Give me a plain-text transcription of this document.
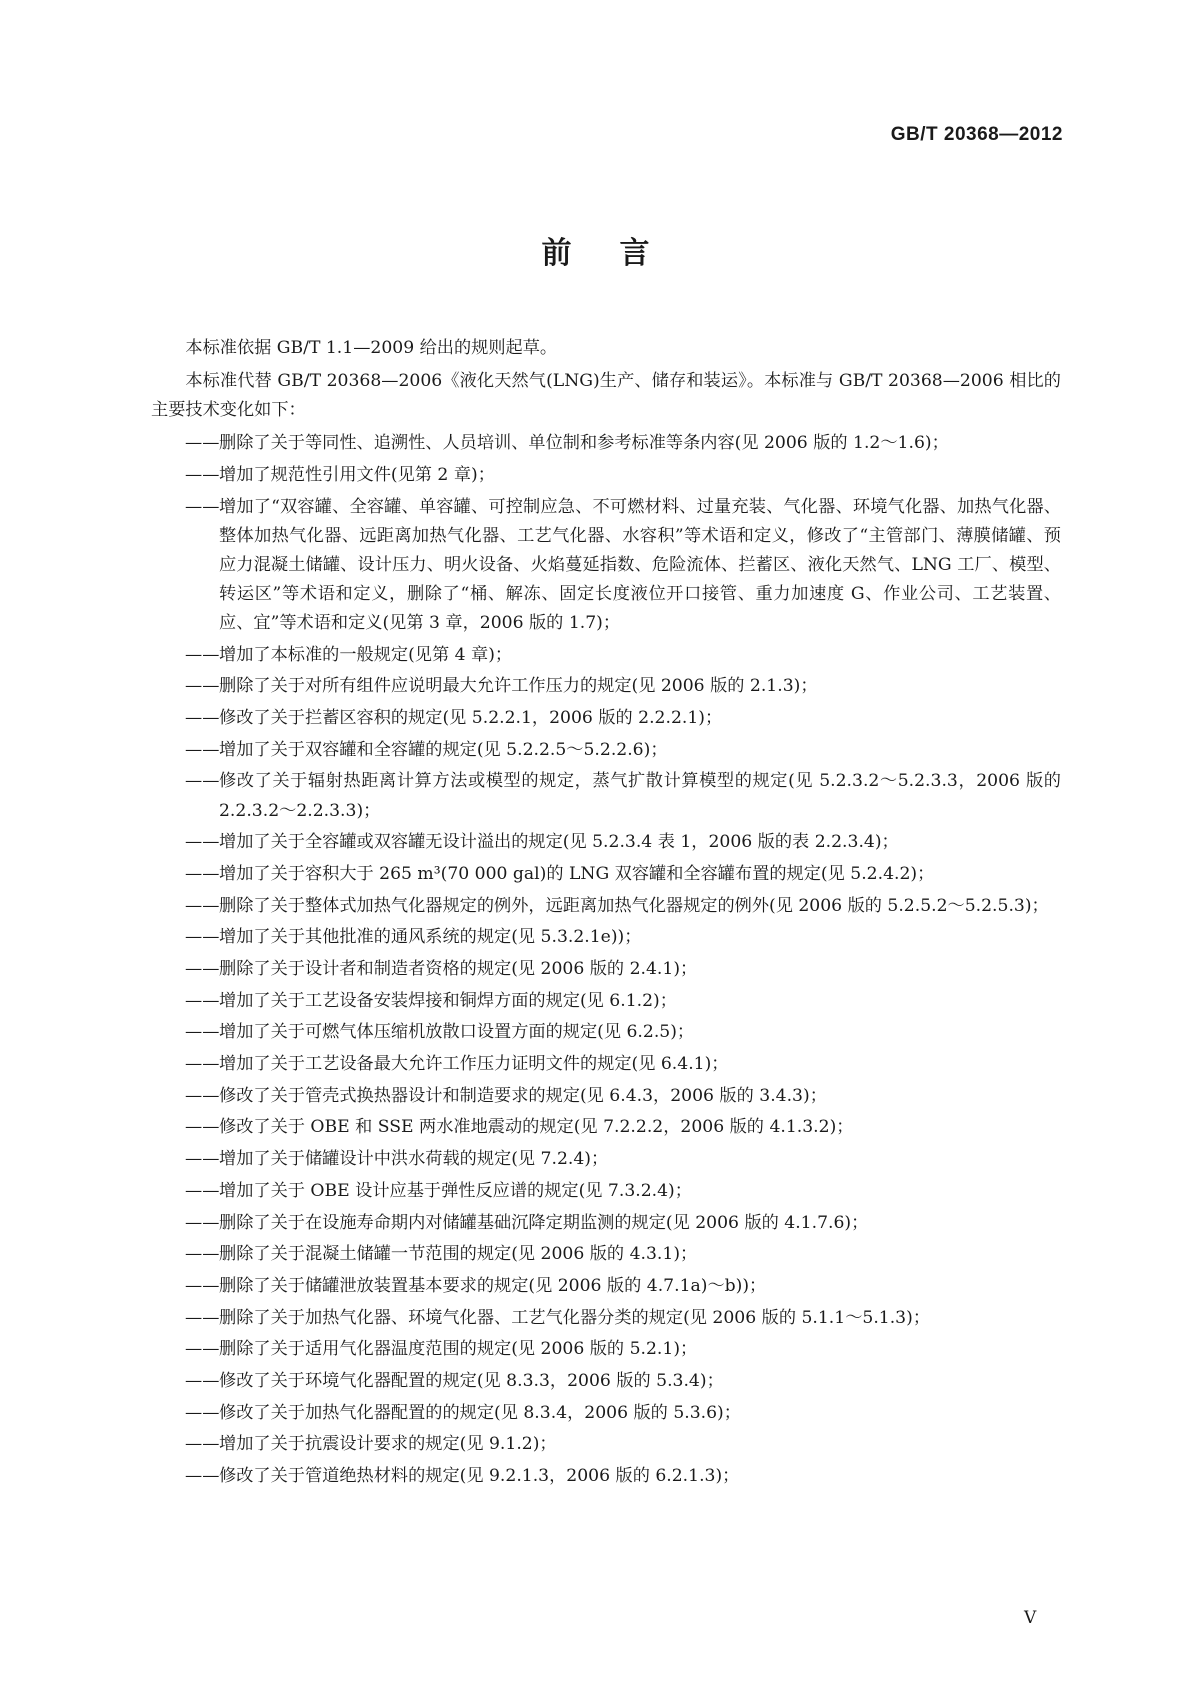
GB/T 20368—2012
前言

本标准依据 GB/T 1.1—2009 给出的规则起草。

本标准代替 GB/T 20368—2006《液化天然气(LNG)生产、储存和装运》。本标准与 GB/T 20368—2006 相比的主要技术变化如下：

—— 删除了关于等同性、追溯性、人员培训、单位制和参考标准等条内容(见 2006 版的 1.2～1.6)；
—— 增加了规范性引用文件(见第 2 章)；
—— 增加了“双容罐、全容罐、单容罐、可控制应急、不可燃材料、过量充装、气化器、环境气化器、加热气化器、整体加热气化器、远距离加热气化器、工艺气化器、水容积”等术语和定义，修改了“主管部门、薄膜储罐、预应力混凝土储罐、设计压力、明火设备、火焰蔓延指数、危险流体、拦蓄区、液化天然气、LNG 工厂、模型、转运区”等术语和定义，删除了“桶、解冻、固定长度液位开口接管、重力加速度 G、作业公司、工艺装置、应、宜”等术语和定义(见第 3 章，2006 版的 1.7)；
—— 增加了本标准的一般规定(见第 4 章)；
—— 删除了关于对所有组件应说明最大允许工作压力的规定(见 2006 版的 2.1.3)；
—— 修改了关于拦蓄区容积的规定(见 5.2.2.1，2006 版的 2.2.2.1)；
—— 增加了关于双容罐和全容罐的规定(见 5.2.2.5～5.2.2.6)；
—— 修改了关于辐射热距离计算方法或模型的规定，蒸气扩散计算模型的规定(见 5.2.3.2～5.2.3.3，2006 版的 2.2.3.2～2.2.3.3)；
—— 增加了关于全容罐或双容罐无设计溢出的规定(见 5.2.3.4 表 1，2006 版的表 2.2.3.4)；
—— 增加了关于容积大于 265 m³(70 000 gal)的 LNG 双容罐和全容罐布置的规定(见 5.2.4.2)；
—— 删除了关于整体式加热气化器规定的例外，远距离加热气化器规定的例外(见 2006 版的 5.2.5.2～5.2.5.3)；
—— 增加了关于其他批准的通风系统的规定(见 5.3.2.1e))；
—— 删除了关于设计者和制造者资格的规定(见 2006 版的 2.4.1)；
—— 增加了关于工艺设备安装焊接和铜焊方面的规定(见 6.1.2)；
—— 增加了关于可燃气体压缩机放散口设置方面的规定(见 6.2.5)；
—— 增加了关于工艺设备最大允许工作压力证明文件的规定(见 6.4.1)；
—— 修改了关于管壳式换热器设计和制造要求的规定(见 6.4.3，2006 版的 3.4.3)；
—— 修改了关于 OBE 和 SSE 两水准地震动的规定(见 7.2.2.2，2006 版的 4.1.3.2)；
—— 增加了关于储罐设计中洪水荷载的规定(见 7.2.4)；
—— 增加了关于 OBE 设计应基于弹性反应谱的规定(见 7.3.2.4)；
—— 删除了关于在设施寿命期内对储罐基础沉降定期监测的规定(见 2006 版的 4.1.7.6)；
—— 删除了关于混凝土储罐一节范围的规定(见 2006 版的 4.3.1)；
—— 删除了关于储罐泄放装置基本要求的规定(见 2006 版的 4.7.1a)～b))；
—— 删除了关于加热气化器、环境气化器、工艺气化器分类的规定(见 2006 版的 5.1.1～5.1.3)；
—— 删除了关于适用气化器温度范围的规定(见 2006 版的 5.2.1)；
—— 修改了关于环境气化器配置的规定(见 8.3.3，2006 版的 5.3.4)；
—— 修改了关于加热气化器配置的的规定(见 8.3.4，2006 版的 5.3.6)；
—— 增加了关于抗震设计要求的规定(见 9.1.2)；
—— 修改了关于管道绝热材料的规定(见 9.2.1.3，2006 版的 6.2.1.3)；
V
